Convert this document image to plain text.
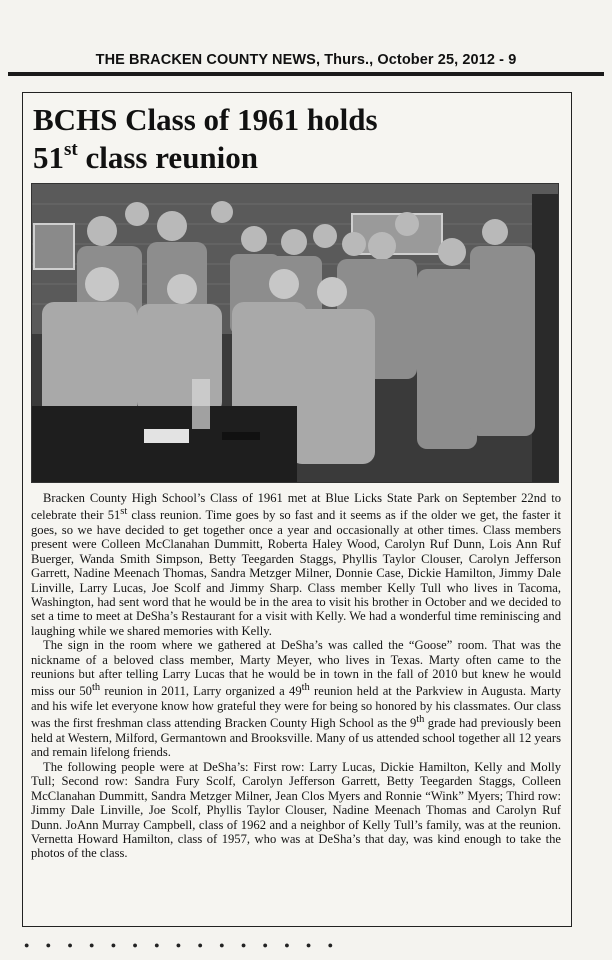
THE BRACKEN COUNTY NEWS, Thurs., October 25, 2012 - 9
BCHS Class of 1961 holds
51st class reunion

Bracken County High School’s Class of 1961 met at Blue Licks State Park on September 22nd to celebrate their 51st class reunion. Time goes by so fast and it seems as if the older we get, the faster it goes, so we have decided to get together once a year and occasionally at other times. Class members present were Colleen McClanahan Dummitt, Roberta Haley Wood, Carolyn Ruf Dunn, Lois Ann Ruf Buerger, Wanda Smith Simpson, Betty Teegarden Staggs, Phyllis Taylor Clouser, Carolyn Jefferson Garrett, Nadine Meenach Thomas, Sandra Metzger Milner, Donnie Case, Dickie Hamilton, Jimmy Dale Linville, Larry Lucas, Joe Scolf and Jimmy Sharp. Class member Kelly Tull who lives in Tacoma, Washington, had sent word that he would be in the area to visit his brother in October and we decided to set a time to meet at DeSha’s Restaurant for a visit with Kelly. We had a wonderful time reminiscing and laughing while we shared memories with Kelly.

The sign in the room where we gathered at DeSha’s was called the “Goose” room. That was the nickname of a beloved class member, Marty Meyer, who lives in Texas. Marty often came to the reunions but after telling Larry Lucas that he would be in town in the fall of 2010 but knew he would miss our 50th reunion in 2011, Larry organized a 49th reunion held at the Parkview in Augusta. Marty and his wife let everyone know how grateful they were for being so honored by his classmates. Our class was the first freshman class attending Bracken County High School as the 9th grade had previously been held at Western, Milford, Germantown and Brooksville. Many of us attended school together all 12 years and remain lifelong friends.

The following people were at DeSha’s: First row: Larry Lucas, Dickie Hamilton, Kelly and Molly Tull; Second row: Sandra Fury Scolf, Carolyn Jefferson Garrett, Betty Teegarden Staggs, Colleen McClanahan Dummitt, Sandra Metzger Milner, Jean Clos Myers and Ronnie “Wink” Myers; Third row: Jimmy Dale Linville, Joe Scolf, Phyllis Taylor Clouser, Nadine Meenach Thomas and Carolyn Ruf Dunn. JoAnn Murray Campbell, class of 1962 and a neighbor of Kelly Tull’s family, was at the reunion. Vernetta Howard Hamilton, class of 1957, who was at DeSha’s that day, was kind enough to take the photos of the class.

● ● ● ● ● ● ● ● ● ● ● ● ● ● ●
